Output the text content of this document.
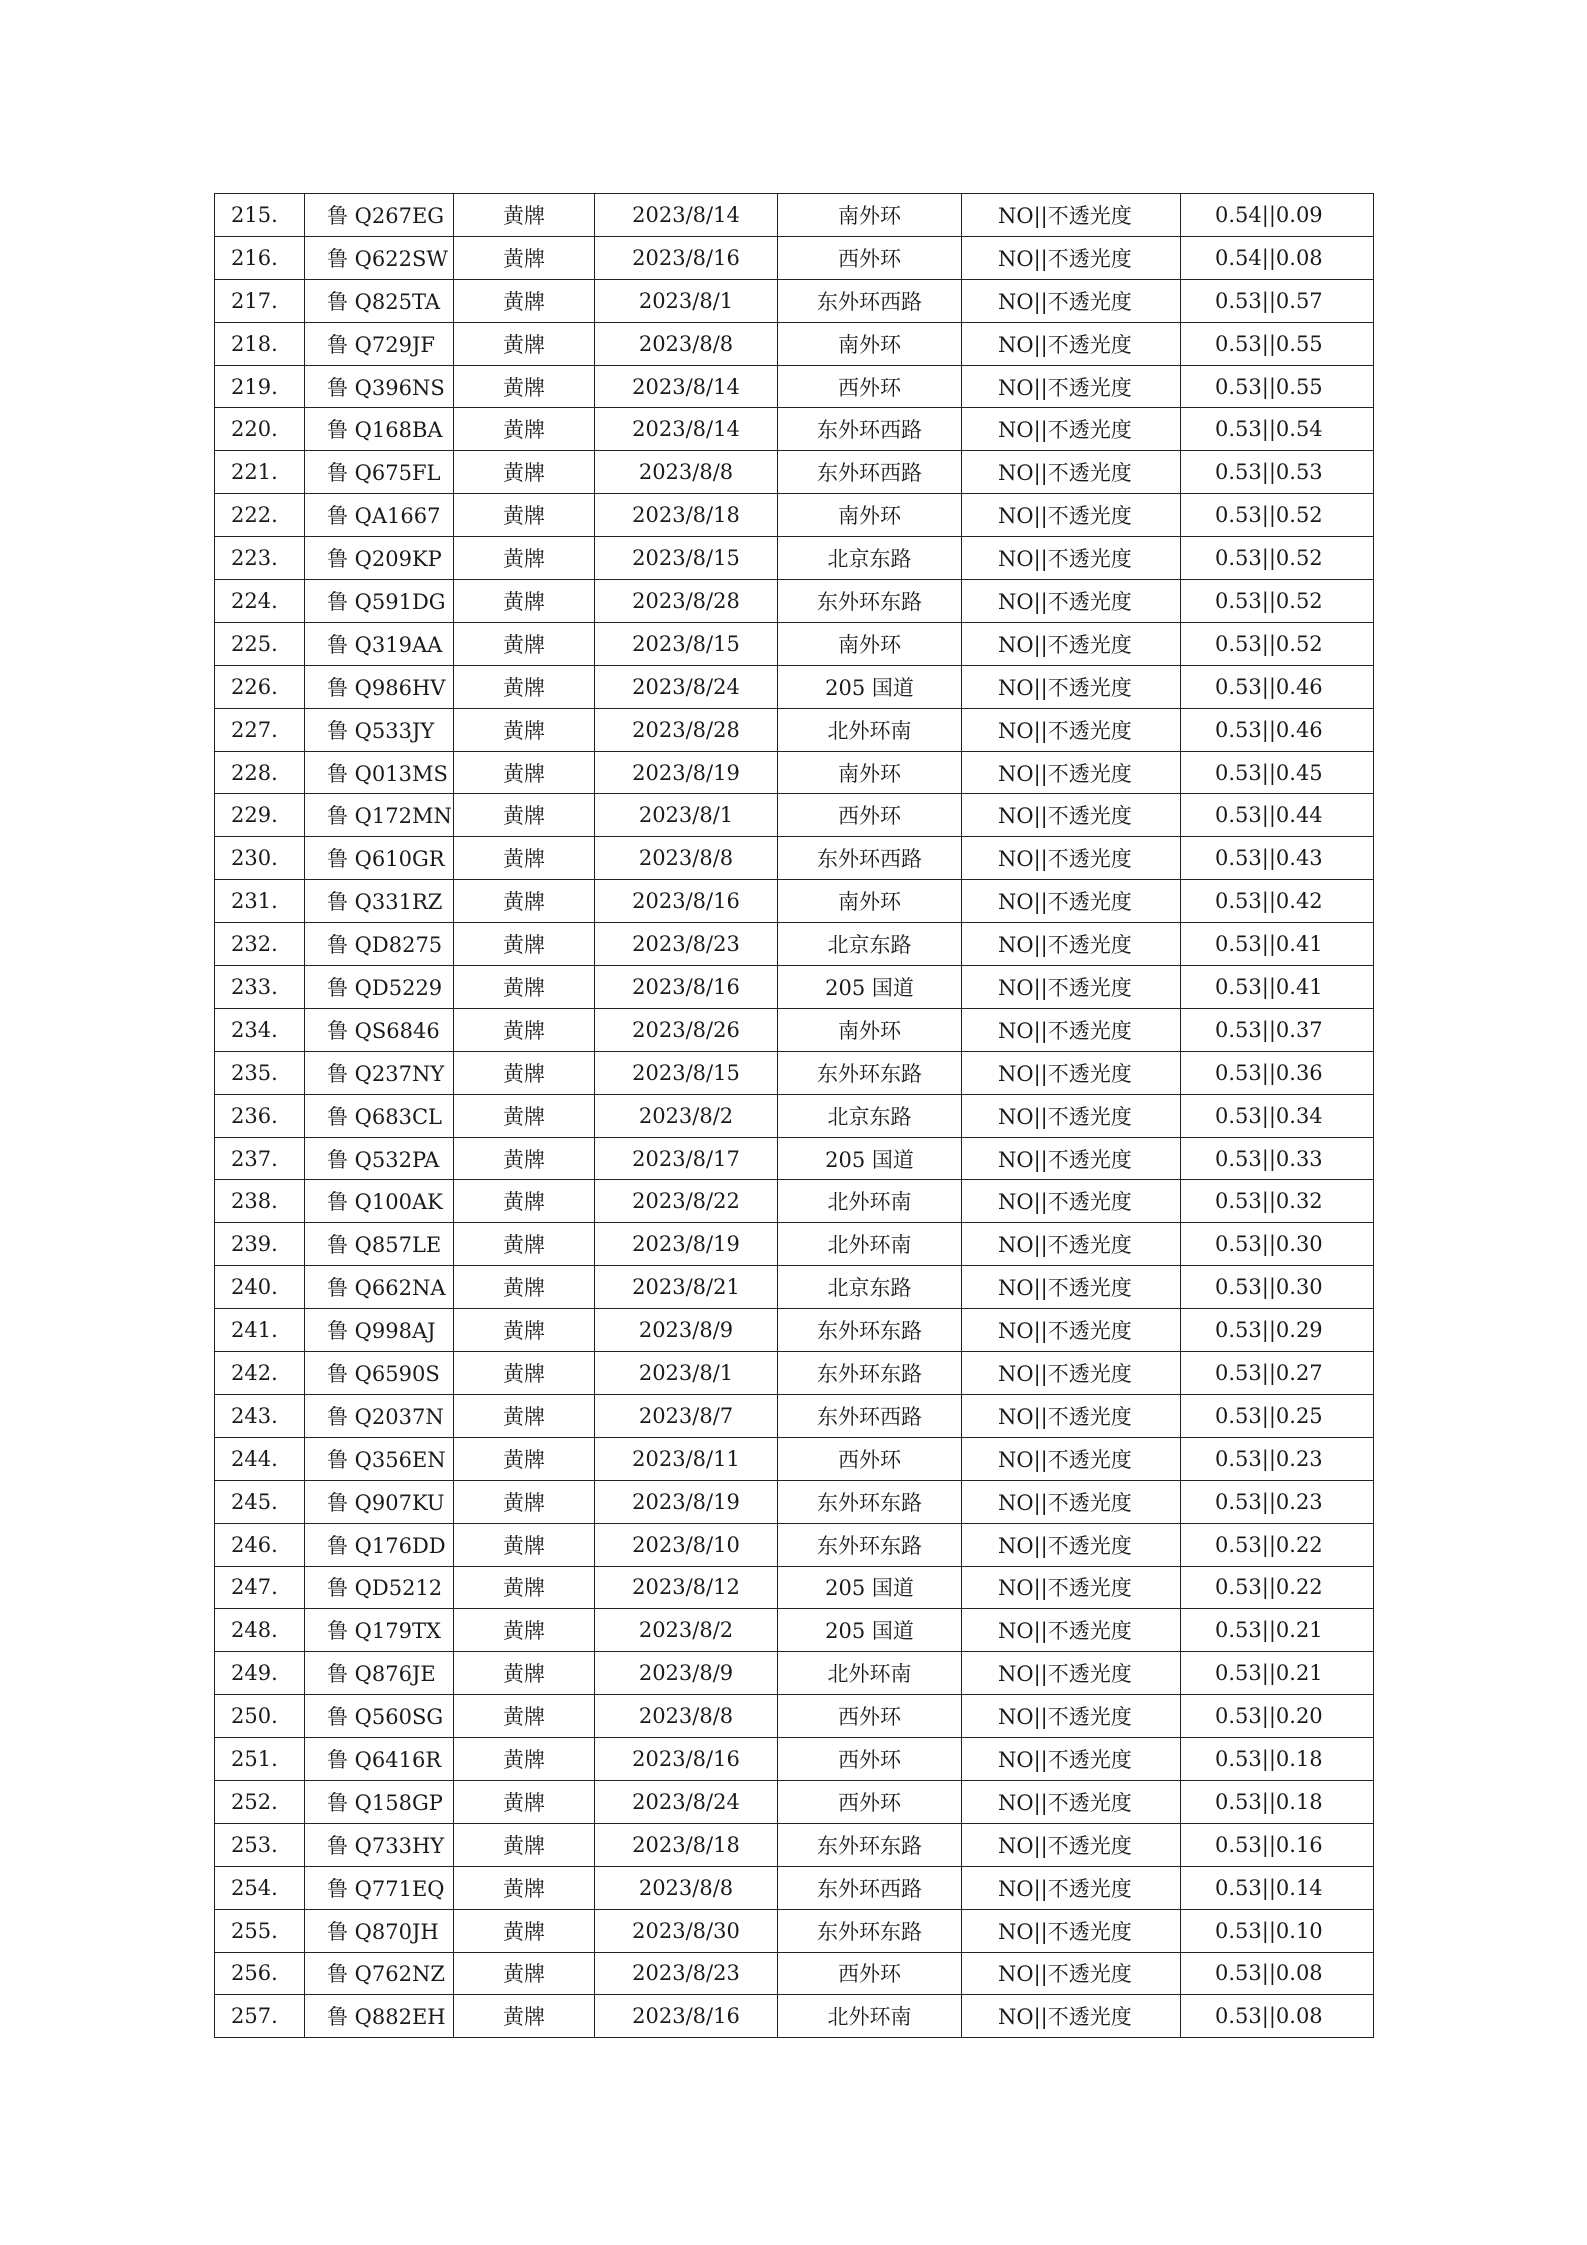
215.	鲁 Q267EG	黄牌	2023/8/14	南外环	NO||不透光度	0.54||0.09
216.	鲁 Q622SW	黄牌	2023/8/16	西外环	NO||不透光度	0.54||0.08
217.	鲁 Q825TA	黄牌	2023/8/1	东外环西路	NO||不透光度	0.53||0.57
218.	鲁 Q729JF	黄牌	2023/8/8	南外环	NO||不透光度	0.53||0.55
219.	鲁 Q396NS	黄牌	2023/8/14	西外环	NO||不透光度	0.53||0.55
220.	鲁 Q168BA	黄牌	2023/8/14	东外环西路	NO||不透光度	0.53||0.54
221.	鲁 Q675FL	黄牌	2023/8/8	东外环西路	NO||不透光度	0.53||0.53
222.	鲁 QA1667	黄牌	2023/8/18	南外环	NO||不透光度	0.53||0.52
223.	鲁 Q209KP	黄牌	2023/8/15	北京东路	NO||不透光度	0.53||0.52
224.	鲁 Q591DG	黄牌	2023/8/28	东外环东路	NO||不透光度	0.53||0.52
225.	鲁 Q319AA	黄牌	2023/8/15	南外环	NO||不透光度	0.53||0.52
226.	鲁 Q986HV	黄牌	2023/8/24	205 国道	NO||不透光度	0.53||0.46
227.	鲁 Q533JY	黄牌	2023/8/28	北外环南	NO||不透光度	0.53||0.46
228.	鲁 Q013MS	黄牌	2023/8/19	南外环	NO||不透光度	0.53||0.45
229.	鲁 Q172MN	黄牌	2023/8/1	西外环	NO||不透光度	0.53||0.44
230.	鲁 Q610GR	黄牌	2023/8/8	东外环西路	NO||不透光度	0.53||0.43
231.	鲁 Q331RZ	黄牌	2023/8/16	南外环	NO||不透光度	0.53||0.42
232.	鲁 QD8275	黄牌	2023/8/23	北京东路	NO||不透光度	0.53||0.41
233.	鲁 QD5229	黄牌	2023/8/16	205 国道	NO||不透光度	0.53||0.41
234.	鲁 QS6846	黄牌	2023/8/26	南外环	NO||不透光度	0.53||0.37
235.	鲁 Q237NY	黄牌	2023/8/15	东外环东路	NO||不透光度	0.53||0.36
236.	鲁 Q683CL	黄牌	2023/8/2	北京东路	NO||不透光度	0.53||0.34
237.	鲁 Q532PA	黄牌	2023/8/17	205 国道	NO||不透光度	0.53||0.33
238.	鲁 Q100AK	黄牌	2023/8/22	北外环南	NO||不透光度	0.53||0.32
239.	鲁 Q857LE	黄牌	2023/8/19	北外环南	NO||不透光度	0.53||0.30
240.	鲁 Q662NA	黄牌	2023/8/21	北京东路	NO||不透光度	0.53||0.30
241.	鲁 Q998AJ	黄牌	2023/8/9	东外环东路	NO||不透光度	0.53||0.29
242.	鲁 Q6590S	黄牌	2023/8/1	东外环东路	NO||不透光度	0.53||0.27
243.	鲁 Q2037N	黄牌	2023/8/7	东外环西路	NO||不透光度	0.53||0.25
244.	鲁 Q356EN	黄牌	2023/8/11	西外环	NO||不透光度	0.53||0.23
245.	鲁 Q907KU	黄牌	2023/8/19	东外环东路	NO||不透光度	0.53||0.23
246.	鲁 Q176DD	黄牌	2023/8/10	东外环东路	NO||不透光度	0.53||0.22
247.	鲁 QD5212	黄牌	2023/8/12	205 国道	NO||不透光度	0.53||0.22
248.	鲁 Q179TX	黄牌	2023/8/2	205 国道	NO||不透光度	0.53||0.21
249.	鲁 Q876JE	黄牌	2023/8/9	北外环南	NO||不透光度	0.53||0.21
250.	鲁 Q560SG	黄牌	2023/8/8	西外环	NO||不透光度	0.53||0.20
251.	鲁 Q6416R	黄牌	2023/8/16	西外环	NO||不透光度	0.53||0.18
252.	鲁 Q158GP	黄牌	2023/8/24	西外环	NO||不透光度	0.53||0.18
253.	鲁 Q733HY	黄牌	2023/8/18	东外环东路	NO||不透光度	0.53||0.16
254.	鲁 Q771EQ	黄牌	2023/8/8	东外环西路	NO||不透光度	0.53||0.14
255.	鲁 Q870JH	黄牌	2023/8/30	东外环东路	NO||不透光度	0.53||0.10
256.	鲁 Q762NZ	黄牌	2023/8/23	西外环	NO||不透光度	0.53||0.08
257.	鲁 Q882EH	黄牌	2023/8/16	北外环南	NO||不透光度	0.53||0.08
